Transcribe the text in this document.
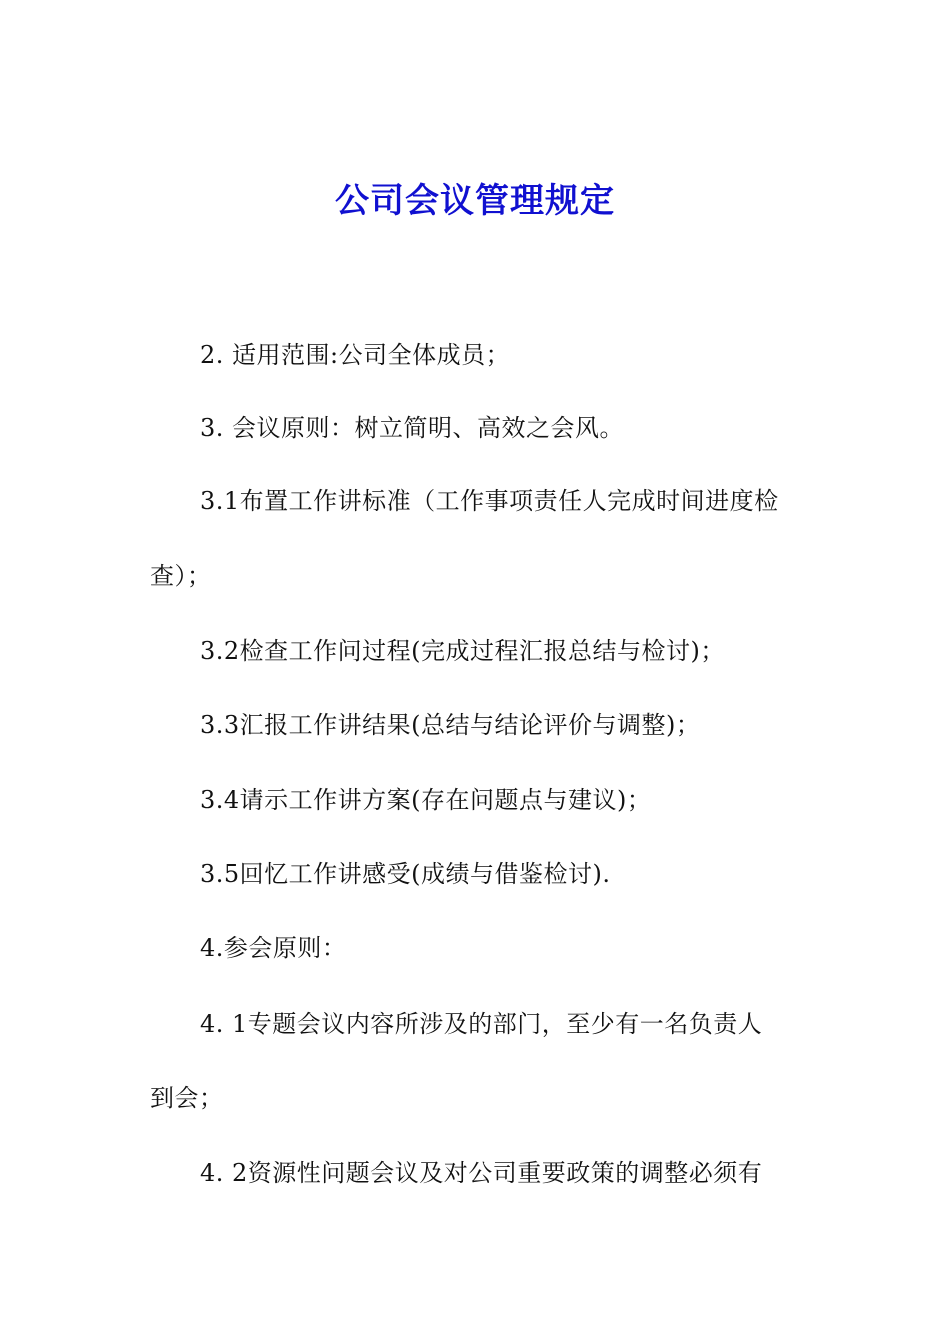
公司会议管理规定

2. 适用范围:公司全体成员；

3. 会议原则：树立简明、高效之会风。

3.1布置工作讲标准（工作事项责任人完成时间进度检

查）；

3.2检查工作问过程(完成过程汇报总结与检讨)；

3.3汇报工作讲结果(总结与结论评价与调整)；

3.4请示工作讲方案(存在问题点与建议)；

3.5回忆工作讲感受(成绩与借鉴检讨).

4.参会原则：

4. 1专题会议内容所涉及的部门，至少有一名负责人

到会；

4. 2资源性问题会议及对公司重要政策的调整必须有
